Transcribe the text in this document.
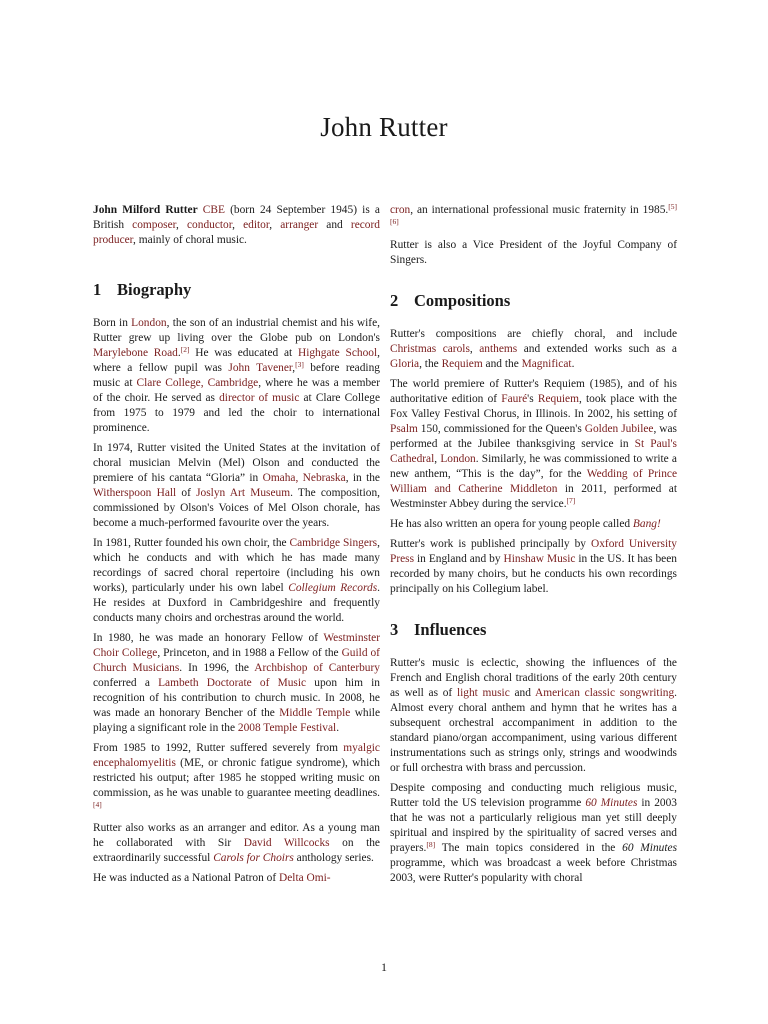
John Rutter

John Milford Rutter CBE (born 24 September 1945) is a British composer, conductor, editor, arranger and record producer, mainly of choral music.

1 Biography

Born in London, the son of an industrial chemist and his wife, Rutter grew up living over the Globe pub on London's Marylebone Road.[2] He was educated at Highgate School, where a fellow pupil was John Tavener,[3] before reading music at Clare College, Cambridge, where he was a member of the choir. He served as director of music at Clare College from 1975 to 1979 and led the choir to international prominence.

In 1974, Rutter visited the United States at the invitation of choral musician Melvin (Mel) Olson and conducted the premiere of his cantata “Gloria” in Omaha, Nebraska, in the Witherspoon Hall of Joslyn Art Museum. The composition, commissioned by Olson's Voices of Mel Olson chorale, has become a much-performed favourite over the years.

In 1981, Rutter founded his own choir, the Cambridge Singers, which he conducts and with which he has made many recordings of sacred choral repertoire (including his own works), particularly under his own label Collegium Records. He resides at Duxford in Cambridgeshire and frequently conducts many choirs and orchestras around the world.

In 1980, he was made an honorary Fellow of Westminster Choir College, Princeton, and in 1988 a Fellow of the Guild of Church Musicians. In 1996, the Archbishop of Canterbury conferred a Lambeth Doctorate of Music upon him in recognition of his contribution to church music. In 2008, he was made an honorary Bencher of the Middle Temple while playing a significant role in the 2008 Temple Festival.

From 1985 to 1992, Rutter suffered severely from myalgic encephalomyelitis (ME, or chronic fatigue syndrome), which restricted his output; after 1985 he stopped writing music on commission, as he was unable to guarantee meeting deadlines.[4]

Rutter also works as an arranger and editor. As a young man he collaborated with Sir David Willcocks on the extraordinarily successful Carols for Choirs anthology series.

He was inducted as a National Patron of Delta Omi-

cron, an international professional music fraternity in 1985.[5][6]

Rutter is also a Vice President of the Joyful Company of Singers.

2 Compositions

Rutter's compositions are chiefly choral, and include Christmas carols, anthems and extended works such as a Gloria, the Requiem and the Magnificat.

The world premiere of Rutter's Requiem (1985), and of his authoritative edition of Fauré's Requiem, took place with the Fox Valley Festival Chorus, in Illinois. In 2002, his setting of Psalm 150, commissioned for the Queen's Golden Jubilee, was performed at the Jubilee thanksgiving service in St Paul's Cathedral, London. Similarly, he was commissioned to write a new anthem, “This is the day”, for the Wedding of Prince William and Catherine Middleton in 2011, performed at Westminster Abbey during the service.[7]

He has also written an opera for young people called Bang!

Rutter's work is published principally by Oxford University Press in England and by Hinshaw Music in the US. It has been recorded by many choirs, but he conducts his own recordings principally on his Collegium label.

3 Influences

Rutter's music is eclectic, showing the influences of the French and English choral traditions of the early 20th century as well as of light music and American classic songwriting. Almost every choral anthem and hymn that he writes has a subsequent orchestral accompaniment in addition to the standard piano/organ accompaniment, using various different instrumentations such as strings only, strings and woodwinds or full orchestra with brass and percussion.

Despite composing and conducting much religious music, Rutter told the US television programme 60 Minutes in 2003 that he was not a particularly religious man yet still deeply spiritual and inspired by the spirituality of sacred verses and prayers.[8] The main topics considered in the 60 Minutes programme, which was broadcast a week before Christmas 2003, were Rutter's popularity with choral

1
